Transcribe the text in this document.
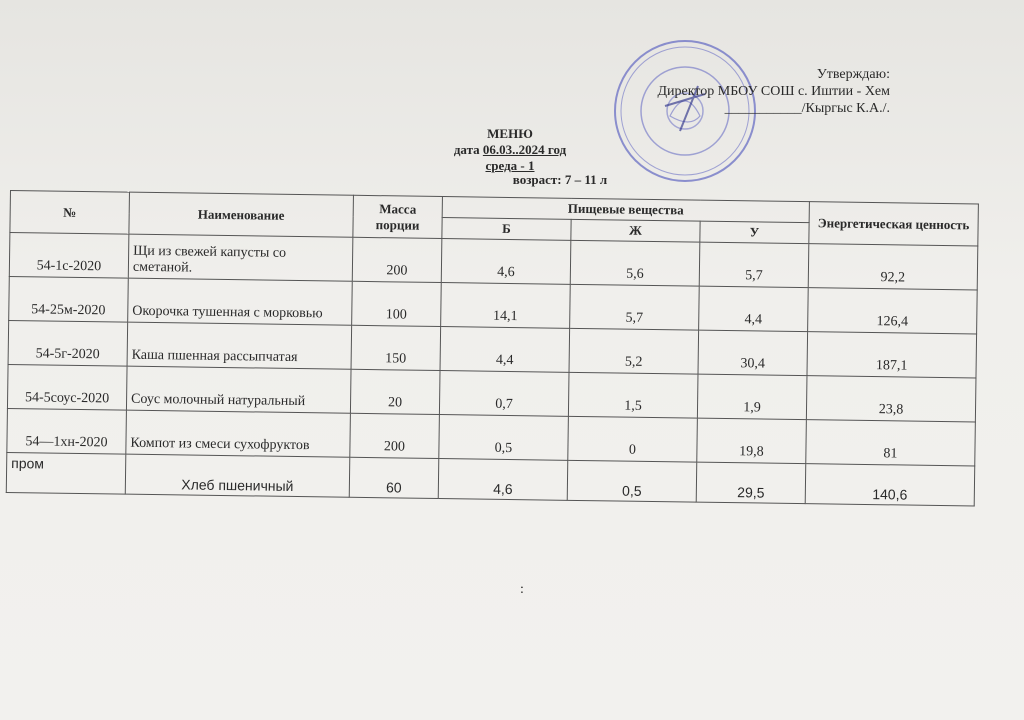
Утверждаю:
Директор МБОУ СОШ с. Иштии - Хем
___________/Кыргыс К.А./.
МЕНЮ
дата 06.03..2024 год
среда - 1
возраст: 7 – 11 л
№	Наименование	Масса порции	Пищевые вещества			Энергетическая ценность
			Б	Ж	У	
54-1с-2020	Щи из свежей капусты со сметаной.	200	4,6	5,6	5,7	92,2
54-25м-2020	Окорочка тушенная с морковью	100	14,1	5,7	4,4	126,4
54-5г-2020	Каша пшенная рассыпчатая	150	4,4	5,2	30,4	187,1
54-5соус-2020	Соус молочный натуральный	20	0,7	1,5	1,9	23,8
54—1хн-2020	Компот из смеси сухофруктов	200	0,5	0	19,8	81
пром	Хлеб пшеничный	60	4,6	0,5	29,5	140,6
:
